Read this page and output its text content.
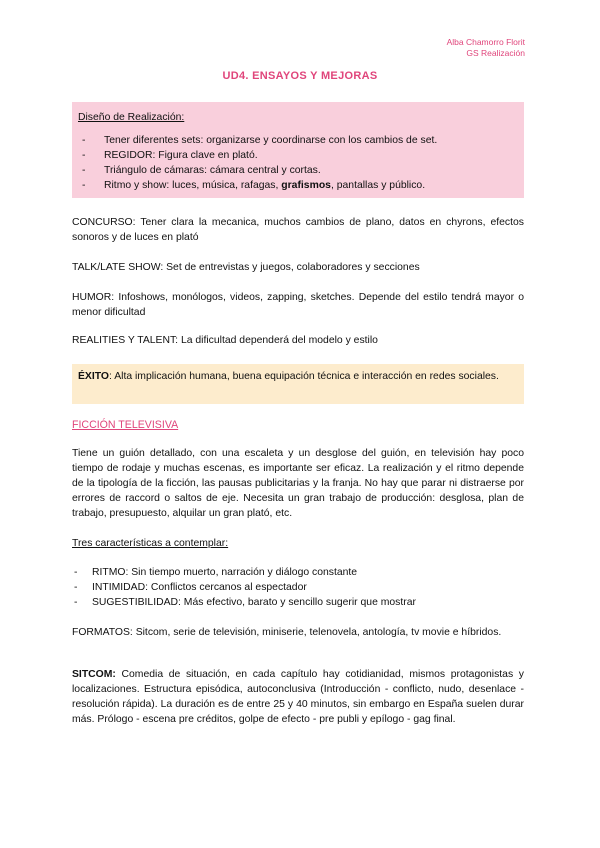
Alba Chamorro Florit
GS Realización
UD4. ENSAYOS Y MEJORAS
Diseño de Realización:
- Tener diferentes sets: organizarse y coordinarse con los cambios de set.
- REGIDOR: Figura clave en plató.
- Triángulo de cámaras: cámara central y cortas.
- Ritmo y show: luces, música, rafagas, grafismos, pantallas y público.

CONCURSO: Tener clara la mecanica, muchos cambios de plano, datos en chyrons, efectos sonoros y de luces en plató

TALK/LATE SHOW: Set de entrevistas y juegos, colaboradores y secciones

HUMOR: Infoshows, monólogos, videos, zapping, sketches. Depende del estilo tendrá mayor o menor dificultad

REALITIES Y TALENT: La dificultad dependerá del modelo y estilo

ÉXITO: Alta implicación humana, buena equipación técnica e interacción en redes sociales.
FICCIÓN TELEVISIVA

Tiene un guión detallado, con una escaleta y un desglose del guión, en televisión hay poco tiempo de rodaje y muchas escenas, es importante ser eficaz. La realización y el ritmo depende de la tipología de la ficción, las pausas publicitarias y la franja. No hay que parar ni distraerse por errores de raccord o saltos de eje. Necesita un gran trabajo de producción: desglosa, plan de trabajo, presupuesto, alquilar un gran plató, etc.

Tres características a contemplar:
- RITMO: Sin tiempo muerto, narración y diálogo constante
- INTIMIDAD: Conflictos cercanos al espectador
- SUGESTIBILIDAD: Más efectivo, barato y sencillo sugerir que mostrar

FORMATOS: Sitcom, serie de televisión, miniserie, telenovela, antología, tv movie e híbridos.

SITCOM: Comedia de situación, en cada capítulo hay cotidianidad, mismos protagonistas y localizaciones. Estructura episódica, autoconclusiva (Introducción - conflicto, nudo, desenlace - resolución rápida). La duración es de entre 25 y 40 minutos, sin embargo en España suelen durar más. Prólogo - escena pre créditos, golpe de efecto - pre publi y epílogo - gag final.
